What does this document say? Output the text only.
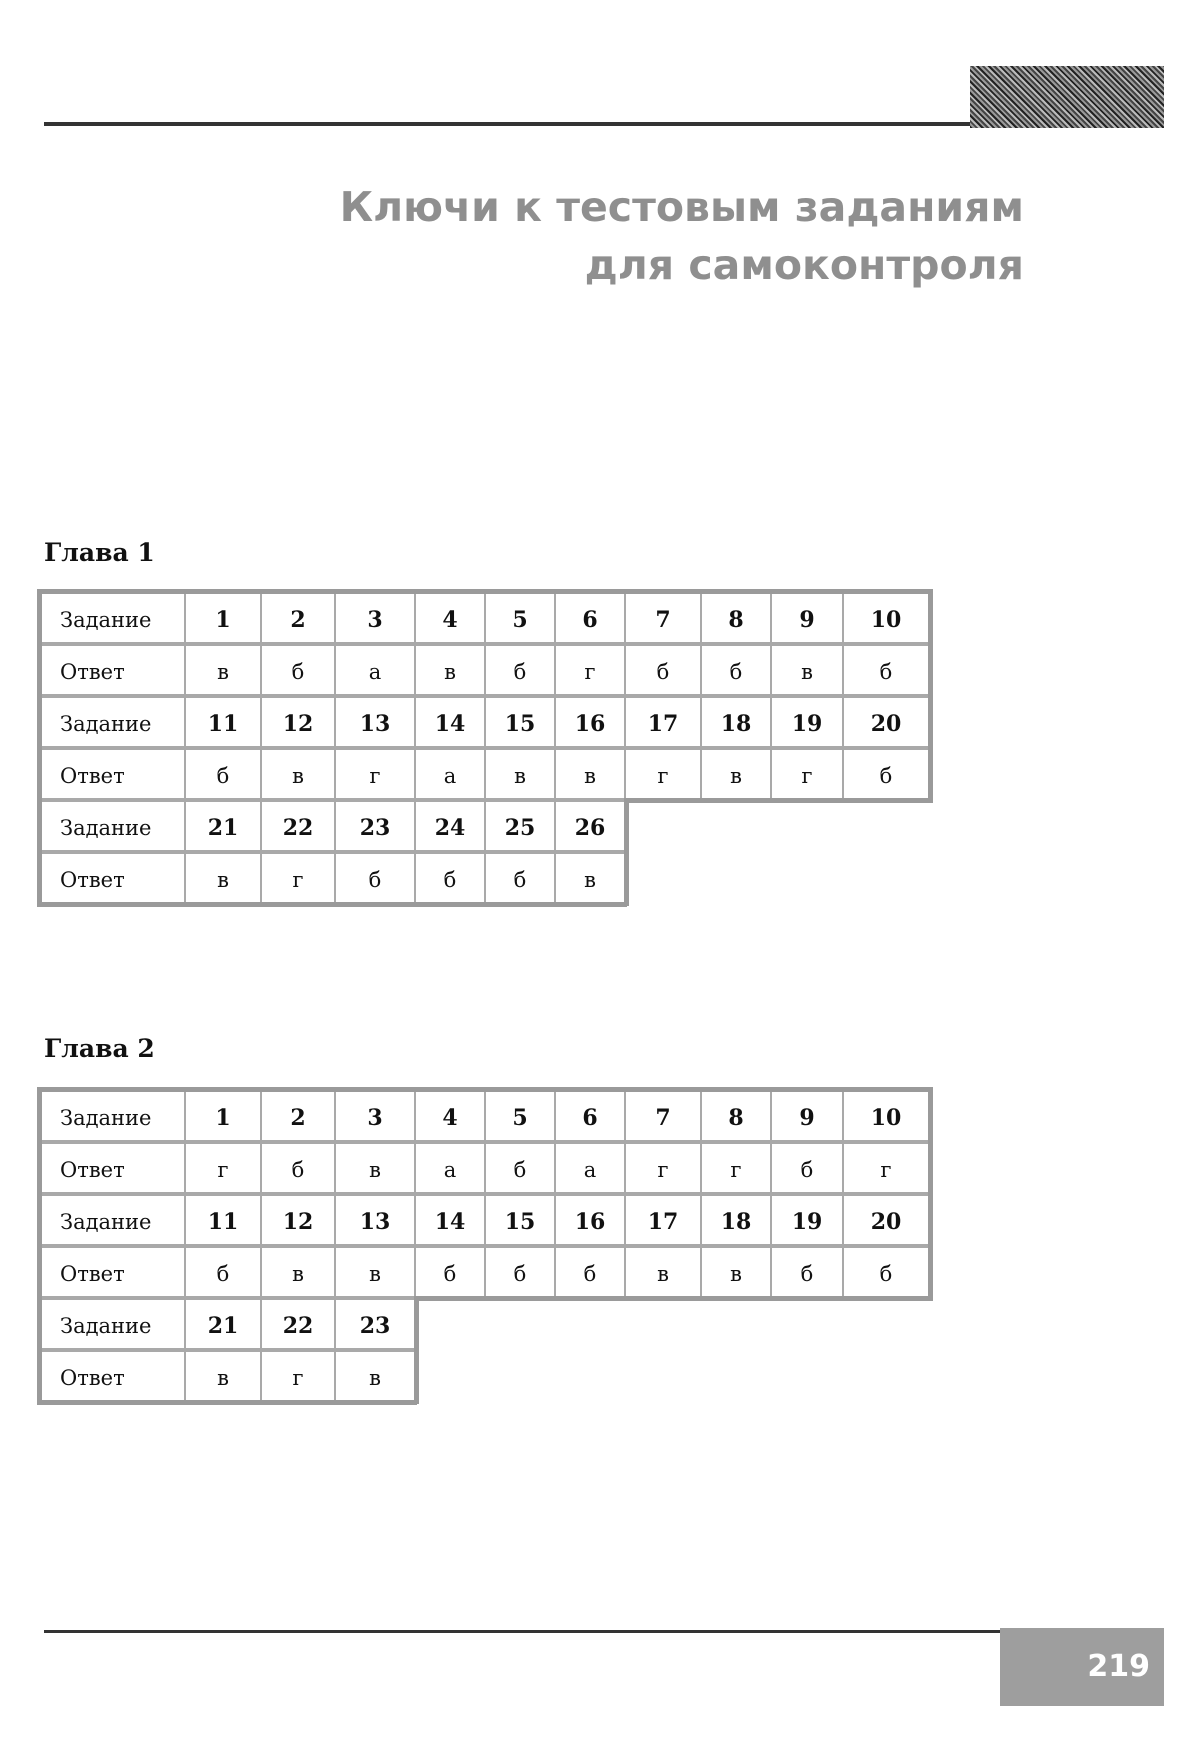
Ключи к тестовым заданиям
для самоконтроля
Глава 1
Задание	1	2	3	4	5	6	7	8	9	10
Ответ	в	б	а	в	б	г	б	б	в	б
Задание	11	12	13	14	15	16	17	18	19	20
Ответ	б	в	г	а	в	в	г	в	г	б
Задание	21	22	23	24	25	26
Ответ	в	г	б	б	б	в
Глава 2
Задание	1	2	3	4	5	6	7	8	9	10
Ответ	г	б	в	а	б	а	г	г	б	г
Задание	11	12	13	14	15	16	17	18	19	20
Ответ	б	в	в	б	б	б	в	в	б	б
Задание	21	22	23
Ответ	в	г	в
219
